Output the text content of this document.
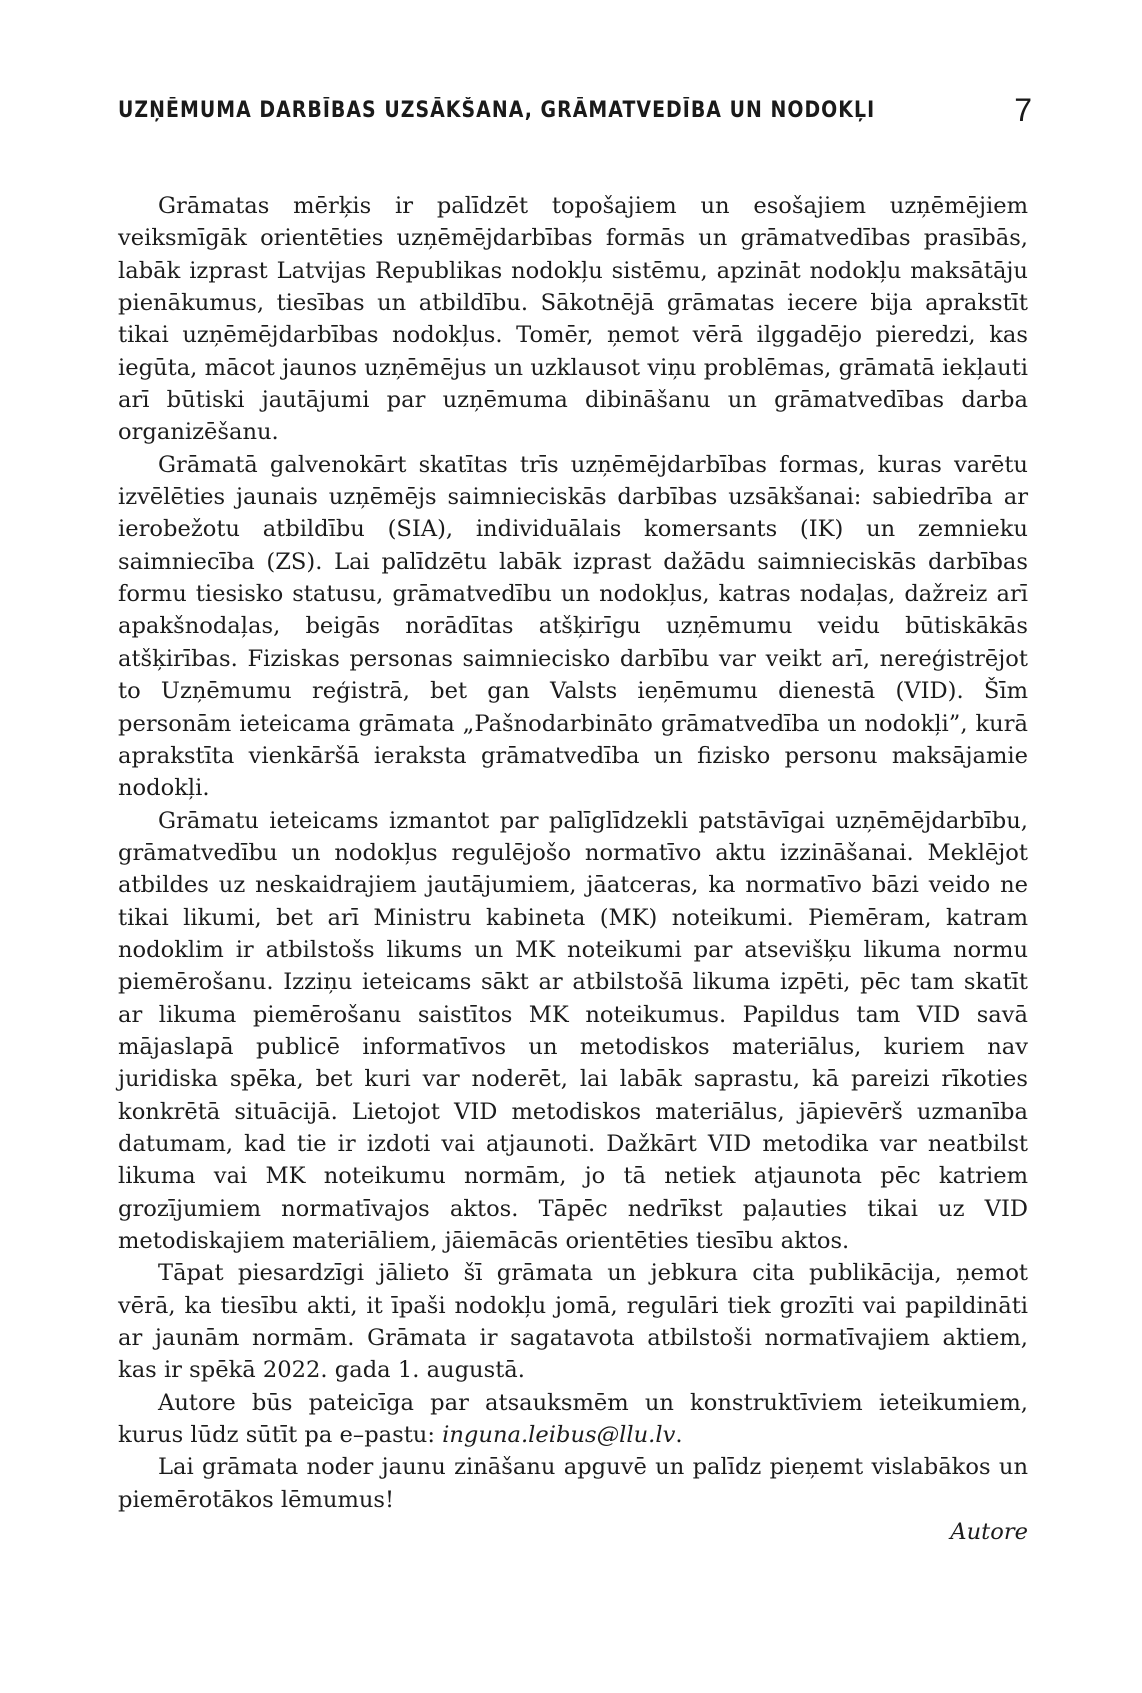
UZŅĒMUMA DARBĪBAS UZSĀKŠANA, GRĀMATVEDĪBA UN NODOKĻI	7

Grāmatas mērķis ir palīdzēt topošajiem un esošajiem uzņēmējiem veiksmīgāk orientēties uzņēmējdarbības formās un grāmatvedības prasībās, labāk izprast Latvijas Republikas nodokļu sistēmu, apzināt nodokļu maksātāju pienākumus, tiesības un atbildību. Sākotnējā grāmatas iecere bija aprakstīt tikai uzņēmējdarbības nodokļus. Tomēr, ņemot vērā ilggadējo pieredzi, kas iegūta, mācot jaunos uzņēmējus un uzklausot viņu problēmas, grāmatā iekļauti arī būtiski jautājumi par uzņēmuma dibināšanu un grāmatvedības darba organizēšanu.

Grāmatā galvenokārt skatītas trīs uzņēmējdarbības formas, kuras varētu izvēlēties jaunais uzņēmējs saimnieciskās darbības uzsākšanai: sabiedrība ar ierobežotu atbildību (SIA), individuālais komersants (IK) un zemnieku saimniecība (ZS). Lai palīdzētu labāk izprast dažādu saimnieciskās darbības formu tiesisko statusu, grāmatvedību un nodokļus, katras nodaļas, dažreiz arī apakšnodaļas, beigās norādītas atšķirīgu uzņēmumu veidu būtiskākās atšķirības. Fiziskas personas saimniecisko darbību var veikt arī, nereģistrējot to Uzņēmumu reģistrā, bet gan Valsts ieņēmumu dienestā (VID). Šīm personām ieteicama grāmata „Pašnodarbināto grāmatvedība un nodokļi”, kurā aprakstīta vienkāršā ieraksta grāmatvedība un fizisko personu maksājamie nodokļi.

Grāmatu ieteicams izmantot par palīglīdzekli patstāvīgai uzņēmējdarbību, grāmatvedību un nodokļus regulējošo normatīvo aktu izzināšanai. Meklējot atbildes uz neskaidrajiem jautājumiem, jāatceras, ka normatīvo bāzi veido ne tikai likumi, bet arī Ministru kabineta (MK) noteikumi. Piemēram, katram nodoklim ir atbilstošs likums un MK noteikumi par atsevišķu likuma normu piemērošanu. Izziņu ieteicams sākt ar atbilstošā likuma izpēti, pēc tam skatīt ar likuma piemērošanu saistītos MK noteikumus. Papildus tam VID savā mājaslapā publicē informatīvos un metodiskos materiālus, kuriem nav juridiska spēka, bet kuri var noderēt, lai labāk saprastu, kā pareizi rīkoties konkrētā situācijā. Lietojot VID metodiskos materiālus, jāpievērš uzmanība datumam, kad tie ir izdoti vai atjaunoti. Dažkārt VID metodika var neatbilst likuma vai MK noteikumu normām, jo tā netiek atjaunota pēc katriem grozījumiem normatīvajos aktos. Tāpēc nedrīkst paļauties tikai uz VID metodiskajiem materiāliem, jāiemācās orientēties tiesību aktos.

Tāpat piesardzīgi jālieto šī grāmata un jebkura cita publikācija, ņemot vērā, ka tiesību akti, it īpaši nodokļu jomā, regulāri tiek grozīti vai papildināti ar jaunām normām. Grāmata ir sagatavota atbilstoši normatīvajiem aktiem, kas ir spēkā 2022. gada 1. augustā.

Autore būs pateicīga par atsauksmēm un konstruktīviem ieteikumiem, kurus lūdz sūtīt pa e–pastu: inguna.leibus@llu.lv.

Lai grāmata noder jaunu zināšanu apguvē un palīdz pieņemt vislabākos un piemērotākos lēmumus!

Autore
